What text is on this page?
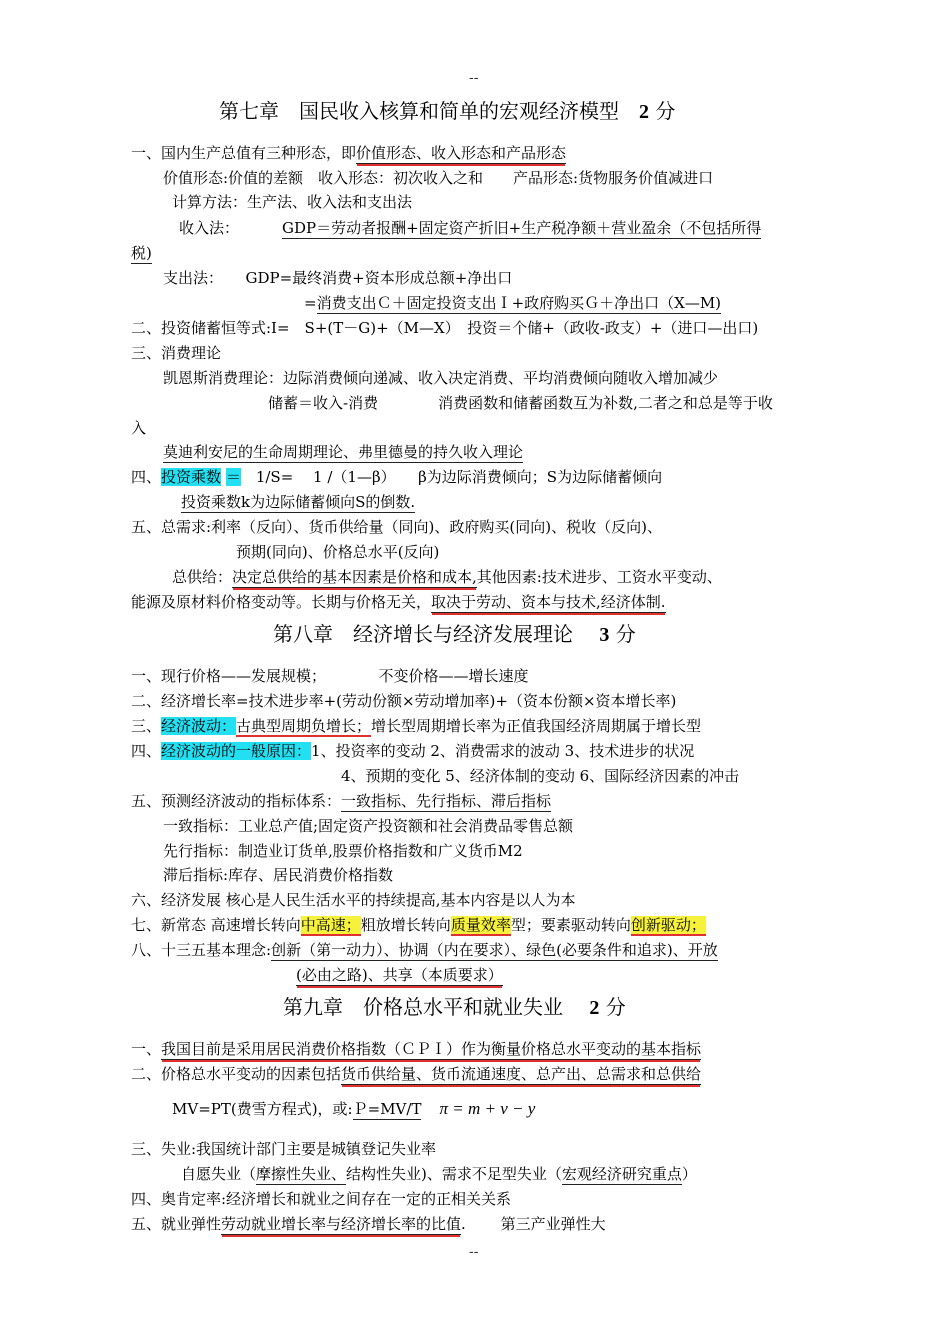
--
第七章　国民收入核算和简单的宏观经济模型　 2 分
一、国内生产总值有三种形态，即价值形态、收入形态和产品形态
价值形态:价值的差额　收入形态：初次收入之和　　产品形态:货物服务价值减进口
计算方法：生产法、收入法和支出法
收入法：	GDP＝劳动者报酬+固定资产折旧+生产税净额＋营业盈余（不包括所得
税)
支出法：　　GDP=最终消费+资本形成总额+净出口
=消费支出Ｃ＋固定投资支出Ｉ+政府购买Ｇ＋净出口（X—M)
二、投资储蓄恒等式:I=　S+(T－G)+（M—X）　投资＝个储+（政收-政支）+（进口—出口)
三、消费理论
凯恩斯消费理论：边际消费倾向递减、收入决定消费、平均消费倾向随收入增加减少
储蓄＝收入-消费　　　　消费函数和储蓄函数互为补数,二者之和总是等于收
入
莫迪利安尼的生命周期理论、弗里德曼的持久收入理论
四、投资乘数 ＝　1/S=　 1 /（1—β）　　β为边际消费倾向；S为边际储蓄倾向
投资乘数k为边际储蓄倾向S的倒数.
五、总需求:利率（反向）、货币供给量（同向)、政府购买(同向)、税收（反向)、
预期(同向)、价格总水平(反向)
总供给：决定总供给的基本因素是价格和成本,其他因素:技术进步、工资水平变动、
能源及原材料价格变动等。长期与价格无关，取决于劳动、资本与技术,经济体制.
第八章　经济增长与经济发展理论　 3 分
一、现行价格——发展规模；　　　　不变价格——增长速度
二、经济增长率=技术进步率+(劳动份额×劳动增加率)+（资本份额×资本增长率)
三、经济波动：古典型周期负增长；增长型周期增长率为正值我国经济周期属于增长型
四、经济波动的一般原因：1、投资率的变动 2、消费需求的波动 3、技术进步的状况
4、预期的变化 5、经济体制的变动 6、国际经济因素的冲击
五、预测经济波动的指标体系：一致指标、先行指标、滞后指标
一致指标：工业总产值;固定资产投资额和社会消费品零售总额
先行指标：制造业订货单,股票价格指数和广义货币M2
滞后指标:库存、居民消费价格指数
六、经济发展 核心是人民生活水平的持续提高,基本内容是以人为本
七、新常态 高速增长转向中高速；粗放增长转向质量效率型；要素驱动转向创新驱动；
八、十三五基本理念:创新（第一动力）、协调（内在要求）、绿色(必要条件和追求)、开放
(必由之路)、共享（本质要求）
第九章　价格总水平和就业失业　 2 分
一、我国目前是采用居民消费价格指数（ＣＰＩ）作为衡量价格总水平变动的基本指标
二、价格总水平变动的因素包括货币供给量、货币流通速度、总产出、总需求和总供给
MV=PT(费雪方程式)，或:Ｐ=MV/T π = m + v − y
三、失业:我国统计部门主要是城镇登记失业率
自愿失业（摩擦性失业、结构性失业)、需求不足型失业（宏观经济研究重点）
四、奥肯定率:经济增长和就业之间存在一定的正相关关系
五、就业弹性劳动就业增长率与经济增长率的比值.　　 第三产业弹性大
--
